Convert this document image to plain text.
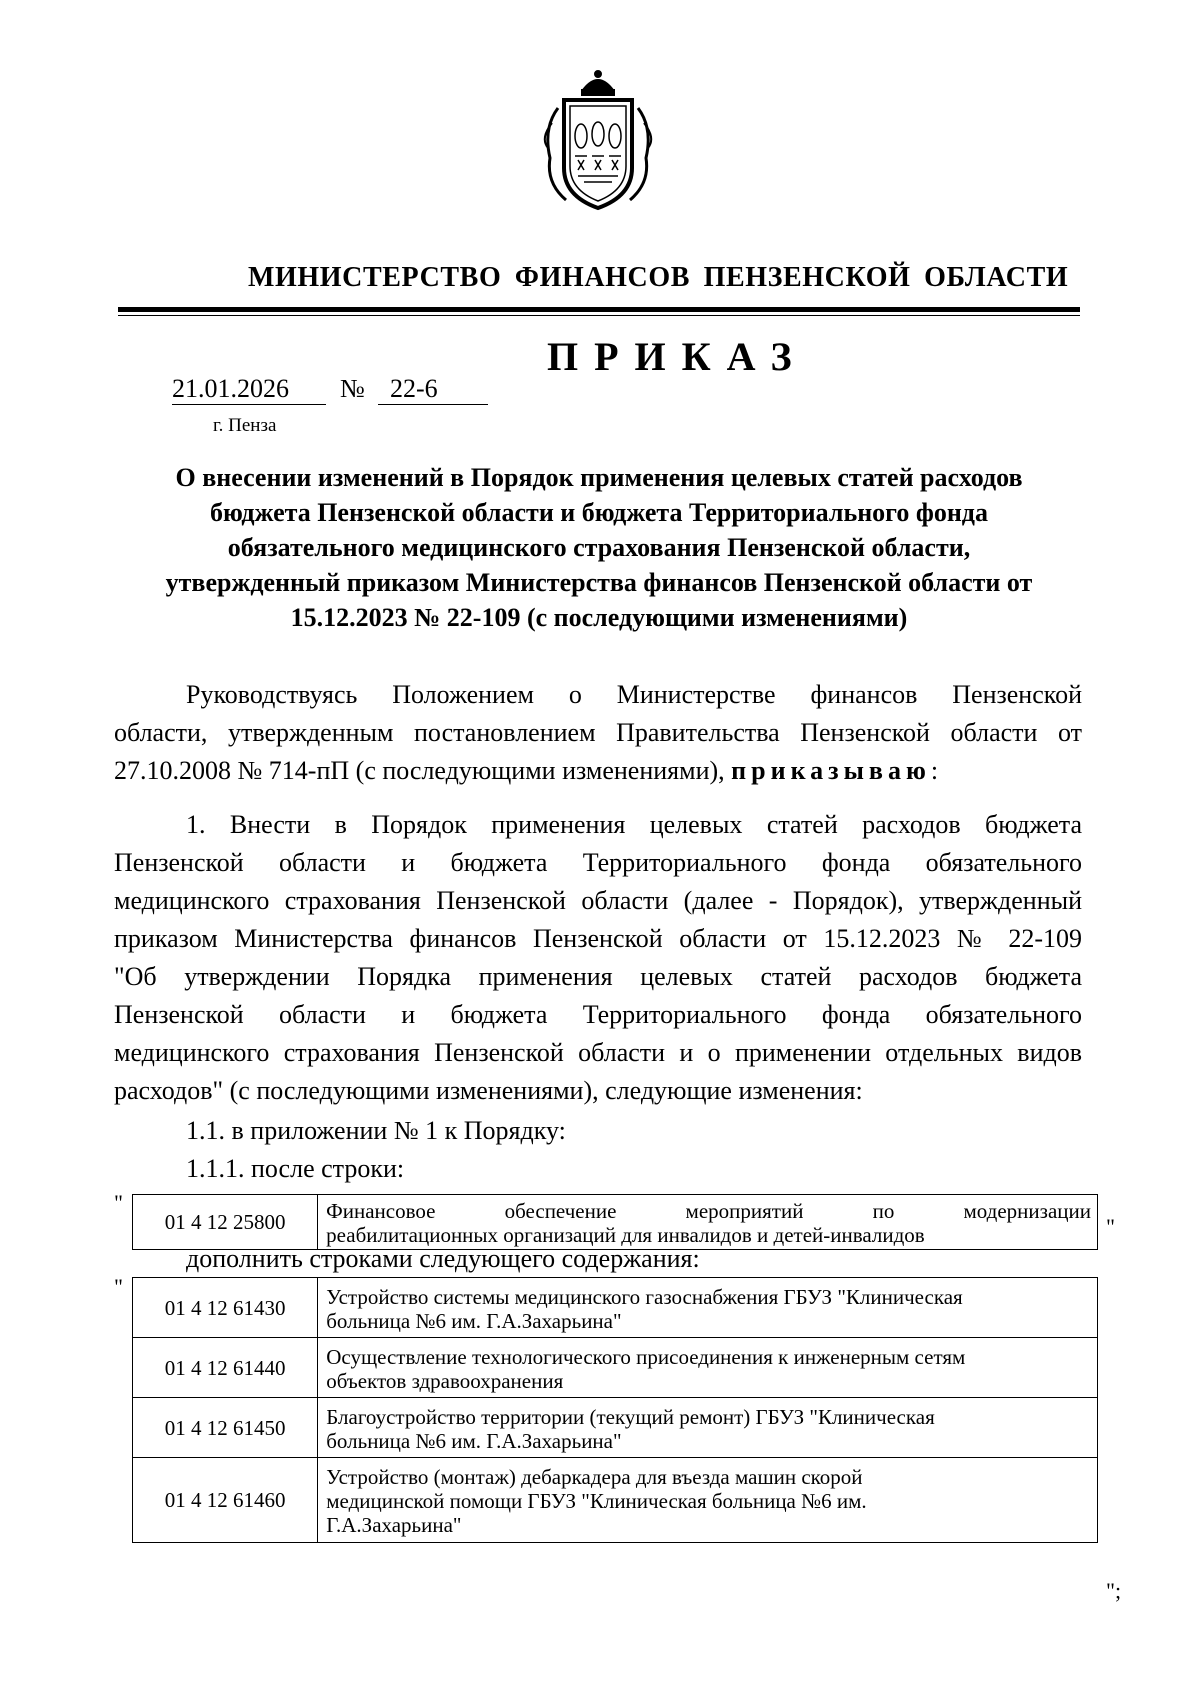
МИНИСТЕРСТВО ФИНАНСОВ ПЕНЗЕНСКОЙ ОБЛАСТИ
ПРИКАЗ
21.01.2026	№ 22-6
г. Пенза
О внесении изменений в Порядок применения целевых статей расходов
бюджета Пензенской области и бюджета Территориального фонда
обязательного медицинского страхования Пензенской области,
утвержденный приказом Министерства финансов Пензенской области от
15.12.2023 № 22-109 (с последующими изменениями)
Руководствуясь Положением о Министерстве финансов Пензенской
области, утвержденным постановлением Правительства Пензенской области от
27.10.2008 № 714-пП (с последующими изменениями), приказываю:
1. Внести в Порядок применения целевых статей расходов бюджета
Пензенской области и бюджета Территориального фонда обязательного
медицинского страхования Пензенской области (далее - Порядок), утвержденный
приказом Министерства финансов Пензенской области от 15.12.2023 № 22-109
"Об утверждении Порядка применения целевых статей расходов бюджета
Пензенской области и бюджета Территориального фонда обязательного
медицинского страхования Пензенской области и о применении отдельных видов
расходов" (с последующими изменениями), следующие изменения:
1.1. в приложении № 1 к Порядку:
1.1.1. после строки:
"
01 4 12 25800	Финансовое обеспечение мероприятий по модернизации
реабилитационных организаций для инвалидов и детей-инвалидов	"
дополнить строками следующего содержания:
"
01 4 12 61430	Устройство системы медицинского газоснабжения ГБУЗ "Клиническая
больница №6 им. Г.А.Захарьина"

01 4 12 61440	Осуществление технологического присоединения к инженерным сетям
объектов здравоохранения

01 4 12 61450	Благоустройство территории (текущий ремонт) ГБУЗ "Клиническая
больница №6 им. Г.А.Захарьина"

01 4 12 61460	Устройство (монтаж) дебаркадера для въезда машин скорой
медицинской помощи ГБУЗ "Клиническая больница №6 им.
Г.А.Захарьина"
";
